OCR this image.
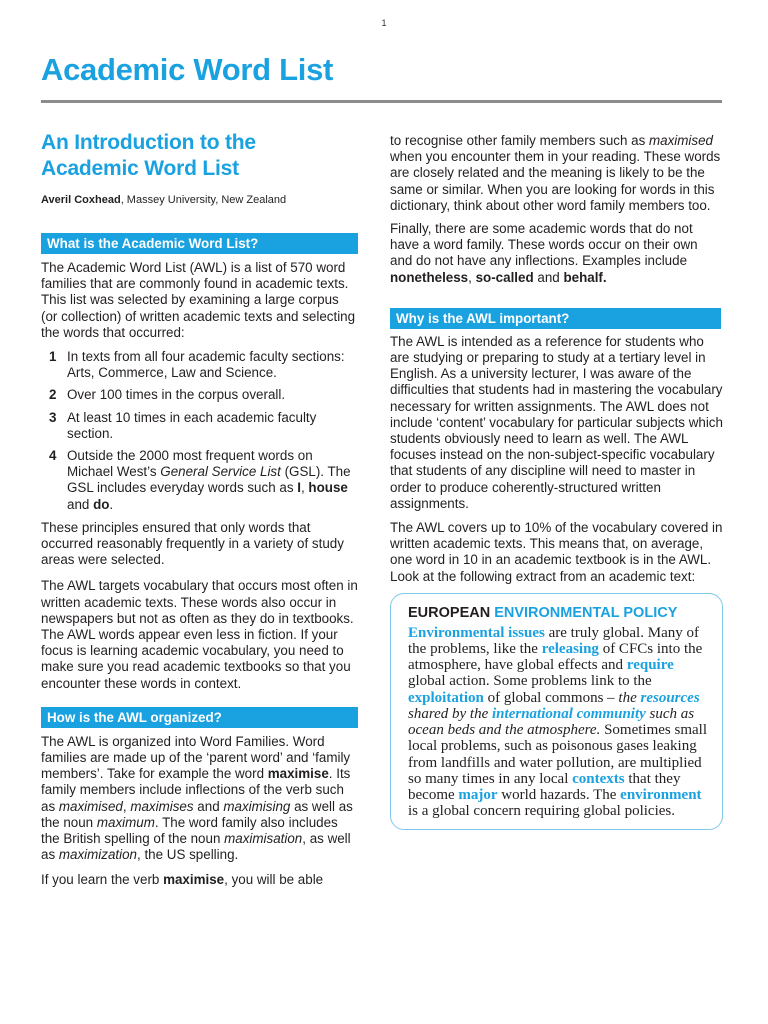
1
Academic Word List
An Introduction to the
Academic Word List
Averil Coxhead, Massey University, New Zealand
What is the Academic Word List?

The Academic Word List (AWL) is a list of 570 word families that are commonly found in academic texts. This list was selected by examining a large corpus (or collection) of written academic texts and selecting the words that occurred:

1 In texts from all four academic faculty sections: Arts, Commerce, Law and Science.
2 Over 100 times in the corpus overall.
3 At least 10 times in each academic faculty section.
4 Outside the 2000 most frequent words on Michael West’s General Service List (GSL). The GSL includes everyday words such as I, house and do.

These principles ensured that only words that occurred reasonably frequently in a variety of study areas were selected.

The AWL targets vocabulary that occurs most often in written academic texts. These words also occur in newspapers but not as often as they do in textbooks. The AWL words appear even less in fiction. If your focus is learning academic vocabulary, you need to make sure you read academic textbooks so that you encounter these words in context.

How is the AWL organized?

The AWL is organized into Word Families. Word families are made up of the ‘parent word’ and ‘family members’. Take for example the word maximise. Its family members include inflections of the verb such as maximised, maximises and maximising as well as the noun maximum. The word family also includes the British spelling of the noun maximisation, as well as maximization, the US spelling.

If you learn the verb maximise, you will be able

to recognise other family members such as maximised when you encounter them in your reading. These words are closely related and the meaning is likely to be the same or similar. When you are looking for words in this dictionary, think about other word family members too.

Finally, there are some academic words that do not have a word family. These words occur on their own and do not have any inflections. Examples include nonetheless, so-called and behalf.

Why is the AWL important?

The AWL is intended as a reference for students who are studying or preparing to study at a tertiary level in English. As a university lecturer, I was aware of the difficulties that students had in mastering the vocabulary necessary for written assignments. The AWL does not include ‘content’ vocabulary for particular subjects which students obviously need to learn as well. The AWL focuses instead on the non-subject-specific vocabulary that students of any discipline will need to master in order to produce coherently-structured written assignments.

The AWL covers up to 10% of the vocabulary covered in written academic texts. This means that, on average, one word in 10 in an academic textbook is in the AWL. Look at the following extract from an academic text:

EUROPEAN ENVIRONMENTAL POLICY
Environmental issues are truly global. Many of the problems, like the releasing of CFCs into the atmosphere, have global effects and require global action. Some problems link to the exploitation of global commons – the resources shared by the international community such as ocean beds and the atmosphere. Sometimes small local problems, such as poisonous gases leaking from landfills and water pollution, are multiplied so many times in any local contexts that they become major world hazards. The environment is a global concern requiring global policies.
